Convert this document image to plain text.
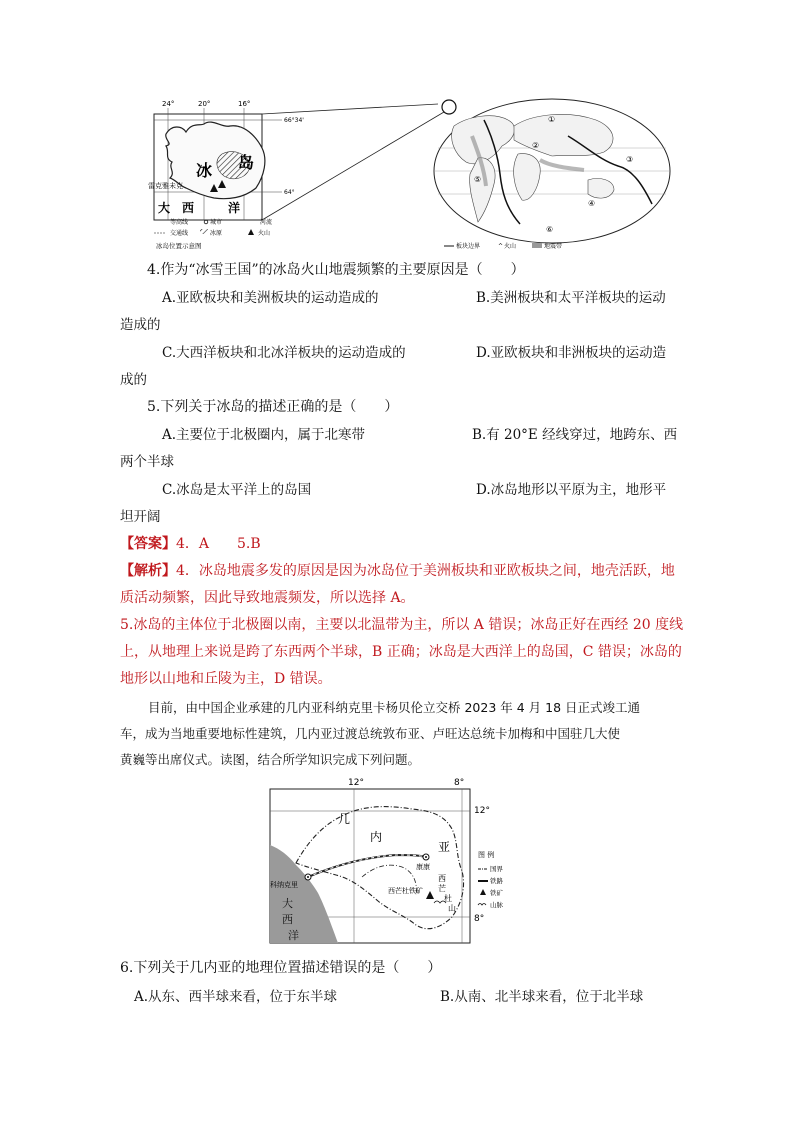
24°	20°	16°
66°34'
64°
冰 岛
雷克雅未克
大 西	洋
等高线	城市	河流
交通线	冰原	火山
冰岛位置示意图
①
②
③
④
⑤
⑥
板块边界	^ 火山	地震带
4.作为“冰雪王国”的冰岛火山地震频繁的主要原因是（　　）
A.亚欧板块和美洲板块的运动造成的	B.美洲板块和太平洋板块的运动
造成的
C.大西洋板块和北冰洋板块的运动造成的	D.亚欧板块和非洲板块的运动造
成的
5.下列关于冰岛的描述正确的是（　　）
A.主要位于北极圈内，属于北寒带	B.有 20°E 经线穿过，地跨东、西
两个半球
C.冰岛是太平洋上的岛国	D.冰岛地形以平原为主，地形平
坦开阔
【答案】4．A　　5.B
【解析】4．冰岛地震多发的原因是因为冰岛位于美洲板块和亚欧板块之间，地壳活跃，地
质活动频繁，因此导致地震频发，所以选择 A。
5.冰岛的主体位于北极圈以南，主要以北温带为主，所以 A 错误；冰岛正好在西经 20 度线
上，从地理上来说是跨了东西两个半球，B 正确；冰岛是大西洋上的岛国，C 错误；冰岛的
地形以山地和丘陵为主，D 错误。
目前，由中国企业承建的几内亚科纳克里卡杨贝伦立交桥 2023 年 4 月 18 日正式竣工通
车，成为当地重要地标性建筑，几内亚过渡总统敦布亚、卢旺达总统卡加梅和中国驻几大使
黄巍等出席仪式。读图，结合所学知识完成下列问题。
12°	8°
12°
8°
几
内
亚
科纳克里
康康
西芒杜铁矿
西
芒
杜
山
大
西
洋
图 例
国界
铁路
铁矿
山脉
6.下列关于几内亚的地理位置描述错误的是（　　）
A.从东、西半球来看，位于东半球	B.从南、北半球来看，位于北半球
